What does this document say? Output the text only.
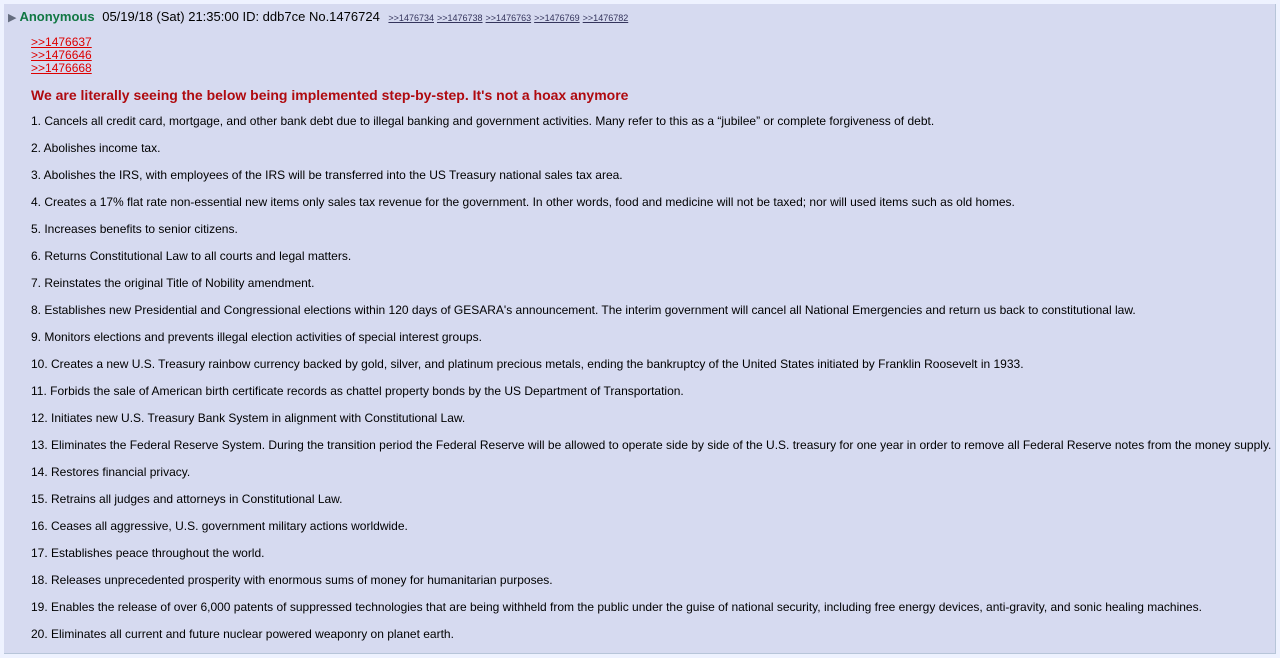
▶ Anonymous 05/19/18 (Sat) 21:35:00 ID: ddb7ce No.1476724 >>1476734 >>1476738 >>1476763 >>1476769 >>1476782
>>1476637
>>1476646
>>1476668
We are literally seeing the below being implemented step-by-step. It's not a hoax anymore
1. Cancels all credit card, mortgage, and other bank debt due to illegal banking and government activities. Many refer to this as a “jubilee” or complete forgiveness of debt.
2. Abolishes income tax.
3. Abolishes the IRS, with employees of the IRS will be transferred into the US Treasury national sales tax area.
4. Creates a 17% flat rate non-essential new items only sales tax revenue for the government. In other words, food and medicine will not be taxed; nor will used items such as old homes.
5. Increases benefits to senior citizens.
6. Returns Constitutional Law to all courts and legal matters.
7. Reinstates the original Title of Nobility amendment.
8. Establishes new Presidential and Congressional elections within 120 days of GESARA's announcement. The interim government will cancel all National Emergencies and return us back to constitutional law.
9. Monitors elections and prevents illegal election activities of special interest groups.
10. Creates a new U.S. Treasury rainbow currency backed by gold, silver, and platinum precious metals, ending the bankruptcy of the United States initiated by Franklin Roosevelt in 1933.
11. Forbids the sale of American birth certificate records as chattel property bonds by the US Department of Transportation.
12. Initiates new U.S. Treasury Bank System in alignment with Constitutional Law.
13. Eliminates the Federal Reserve System. During the transition period the Federal Reserve will be allowed to operate side by side of the U.S. treasury for one year in order to remove all Federal Reserve notes from the money supply.
14. Restores financial privacy.
15. Retrains all judges and attorneys in Constitutional Law.
16. Ceases all aggressive, U.S. government military actions worldwide.
17. Establishes peace throughout the world.
18. Releases unprecedented prosperity with enormous sums of money for humanitarian purposes.
19. Enables the release of over 6,000 patents of suppressed technologies that are being withheld from the public under the guise of national security, including free energy devices, anti-gravity, and sonic healing machines.
20. Eliminates all current and future nuclear powered weaponry on planet earth.
